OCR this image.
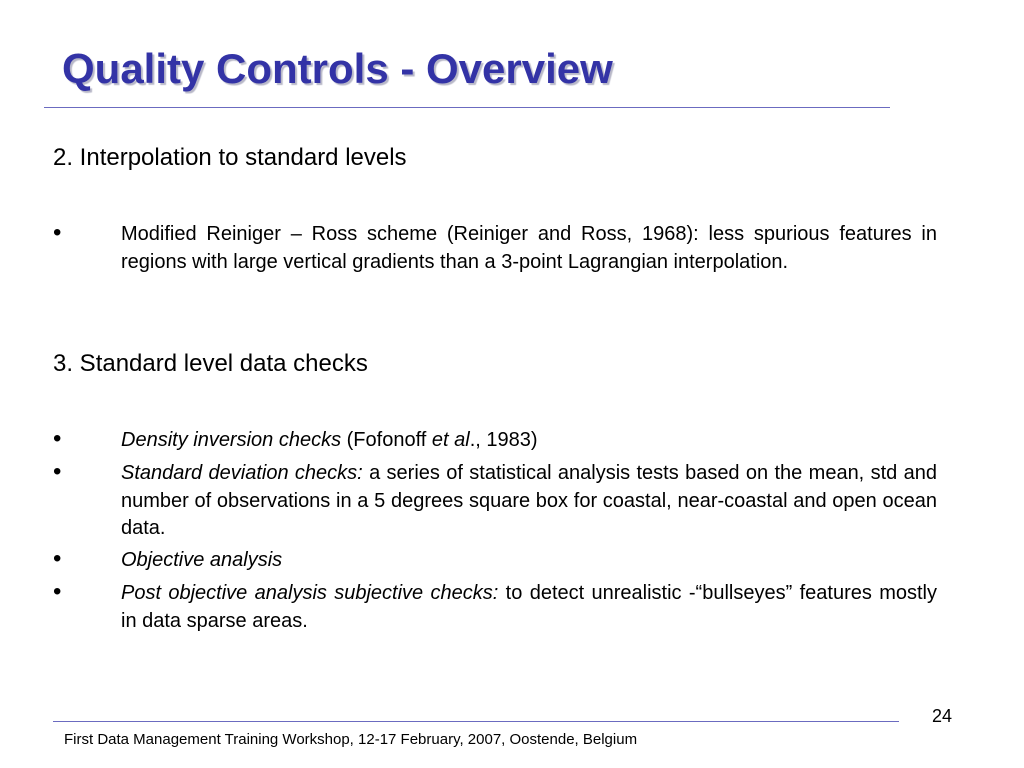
Quality Controls - Overview
2. Interpolation to standard levels
•	Modified Reiniger – Ross scheme (Reiniger and Ross, 1968): less spurious features in regions with large vertical gradients than a 3-point Lagrangian interpolation.
3. Standard level data checks
•	Density inversion checks (Fofonoff et al., 1983)
•	Standard deviation checks: a series of statistical analysis tests based on the mean, std and number of observations in a 5 degrees square box for coastal, near-coastal and open ocean data.
•	Objective analysis
•	Post objective analysis subjective checks: to detect unrealistic -“bullseyes” features mostly in data sparse areas.
24
First Data Management Training Workshop, 12-17 February, 2007, Oostende, Belgium
